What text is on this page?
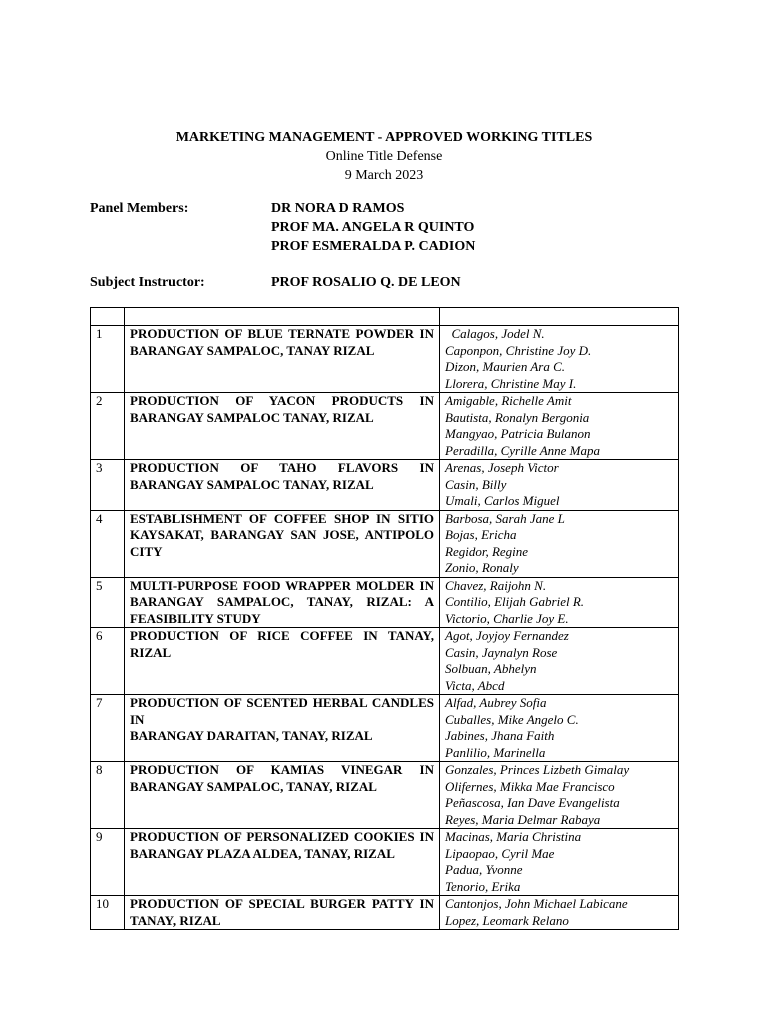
MARKETING MANAGEMENT - APPROVED WORKING TITLES
Online Title Defense
9 March 2023
Panel Members:	DR NORA D RAMOS
PROF MA. ANGELA R QUINTO
PROF ESMERALDA P. CADION
Subject Instructor:	PROF ROSALIO Q. DE LEON

1	PRODUCTION OF BLUE TERNATE POWDER IN BARANGAY SAMPALOC, TANAY RIZAL	Calagos, Jodel N.
Caponpon, Christine Joy D.
Dizon, Maurien Ara C.
Llorera, Christine May I.

2	PRODUCTION OF YACON PRODUCTS IN BARANGAY SAMPALOC TANAY, RIZAL	Amigable, Richelle Amit
Bautista, Ronalyn Bergonia
Mangyao, Patricia Bulanon
Peradilla, Cyrille Anne Mapa

3	PRODUCTION OF TAHO FLAVORS IN BARANGAY SAMPALOC TANAY, RIZAL	Arenas, Joseph Victor
Casin, Billy
Umali, Carlos Miguel

4	ESTABLISHMENT OF COFFEE SHOP IN SITIO KAYSAKAT, BARANGAY SAN JOSE, ANTIPOLO CITY	Barbosa, Sarah Jane L
Bojas, Ericha
Regidor, Regine
Zonio, Ronaly

5	MULTI-PURPOSE FOOD WRAPPER MOLDER IN BARANGAY SAMPALOC, TANAY, RIZAL: A FEASIBILITY STUDY	Chavez, Raijohn N.
Contilio, Elijah Gabriel R.
Victorio, Charlie Joy E.

6	PRODUCTION OF RICE COFFEE IN TANAY, RIZAL	Agot, Joyjoy Fernandez
Casin, Jaynalyn Rose
Solbuan, Abhelyn
Victa, Abcd

7	PRODUCTION OF SCENTED HERBAL CANDLES IN
BARANGAY DARAITAN, TANAY, RIZAL	Alfad, Aubrey Sofia
Cuballes, Mike Angelo C.
Jabines, Jhana Faith
Panlilio, Marinella

8	PRODUCTION OF KAMIAS VINEGAR IN BARANGAY SAMPALOC, TANAY, RIZAL	Gonzales, Princes Lizbeth Gimalay
Olifernes, Mikka Mae Francisco
Peñascosa, Ian Dave Evangelista
Reyes, Maria Delmar Rabaya

9	PRODUCTION OF PERSONALIZED COOKIES IN BARANGAY PLAZA ALDEA, TANAY, RIZAL	Macinas, Maria Christina
Lipaopao, Cyril Mae
Padua, Yvonne
Tenorio, Erika

10	PRODUCTION OF SPECIAL BURGER PATTY IN TANAY, RIZAL	Cantonjos, John Michael Labicane
Lopez, Leomark Relano
